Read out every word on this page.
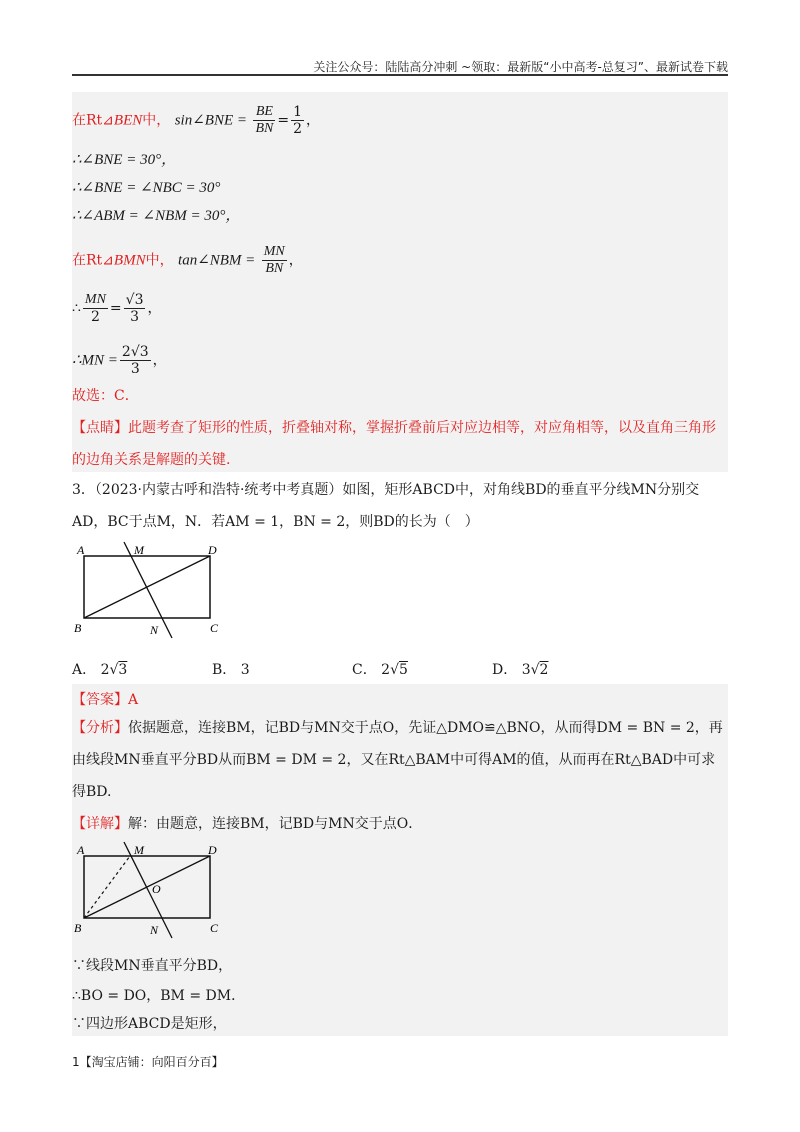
关注公众号：陆陆高分冲刺 ~领取：最新版“小中高考-总复习”、最新试卷下载
在Rt⊿BEN中， sin∠BNE = $\frac{BE}{BN} = \frac{1}{2}$ ，
∴∠BNE = 30°，
∴∠BNE = ∠NBC = 30°
∴∠ABM = ∠NBM = 30°，
在Rt⊿BMN中， tan∠NBM = $\frac{MN}{BN}$ ，
∴ $\frac{MN}{2} = \frac{√3}{3}$ ，
∴MN = $\frac{2√3}{3}$ ，
故选：C．
【点睛】此题考查了矩形的性质，折叠轴对称，掌握折叠前后对应边相等，对应角相等，以及直角三角形
的边角关系是解题的关键.
3．（2023·内蒙古呼和浩特·统考中考真题）如图，矩形ABCD中，对角线BD的垂直平分线MN分别交
AD，BC于点M，N．若AM = 1，BN = 2，则BD的长为（　）
A	M	D
B	N	C
A． 2√3	B． 3	C． 2√5	D． 3√2
【答案】A
【分析】依据题意，连接BM，记BD与MN交于点O，先证△DMO≌△BNO，从而得DM = BN = 2，再
由线段MN垂直平分BD从而BM = DM = 2，又在Rt△BAM中可得AM的值，从而再在Rt△BAD中可求
得BD.
【详解】解：由题意，连接BM，记BD与MN交于点O．
A	M	D
O
B	N	C
∵线段MN垂直平分BD，
∴BO = DO，BM = DM．
∵四边形ABCD是矩形，
1【淘宝店铺：向阳百分百】
